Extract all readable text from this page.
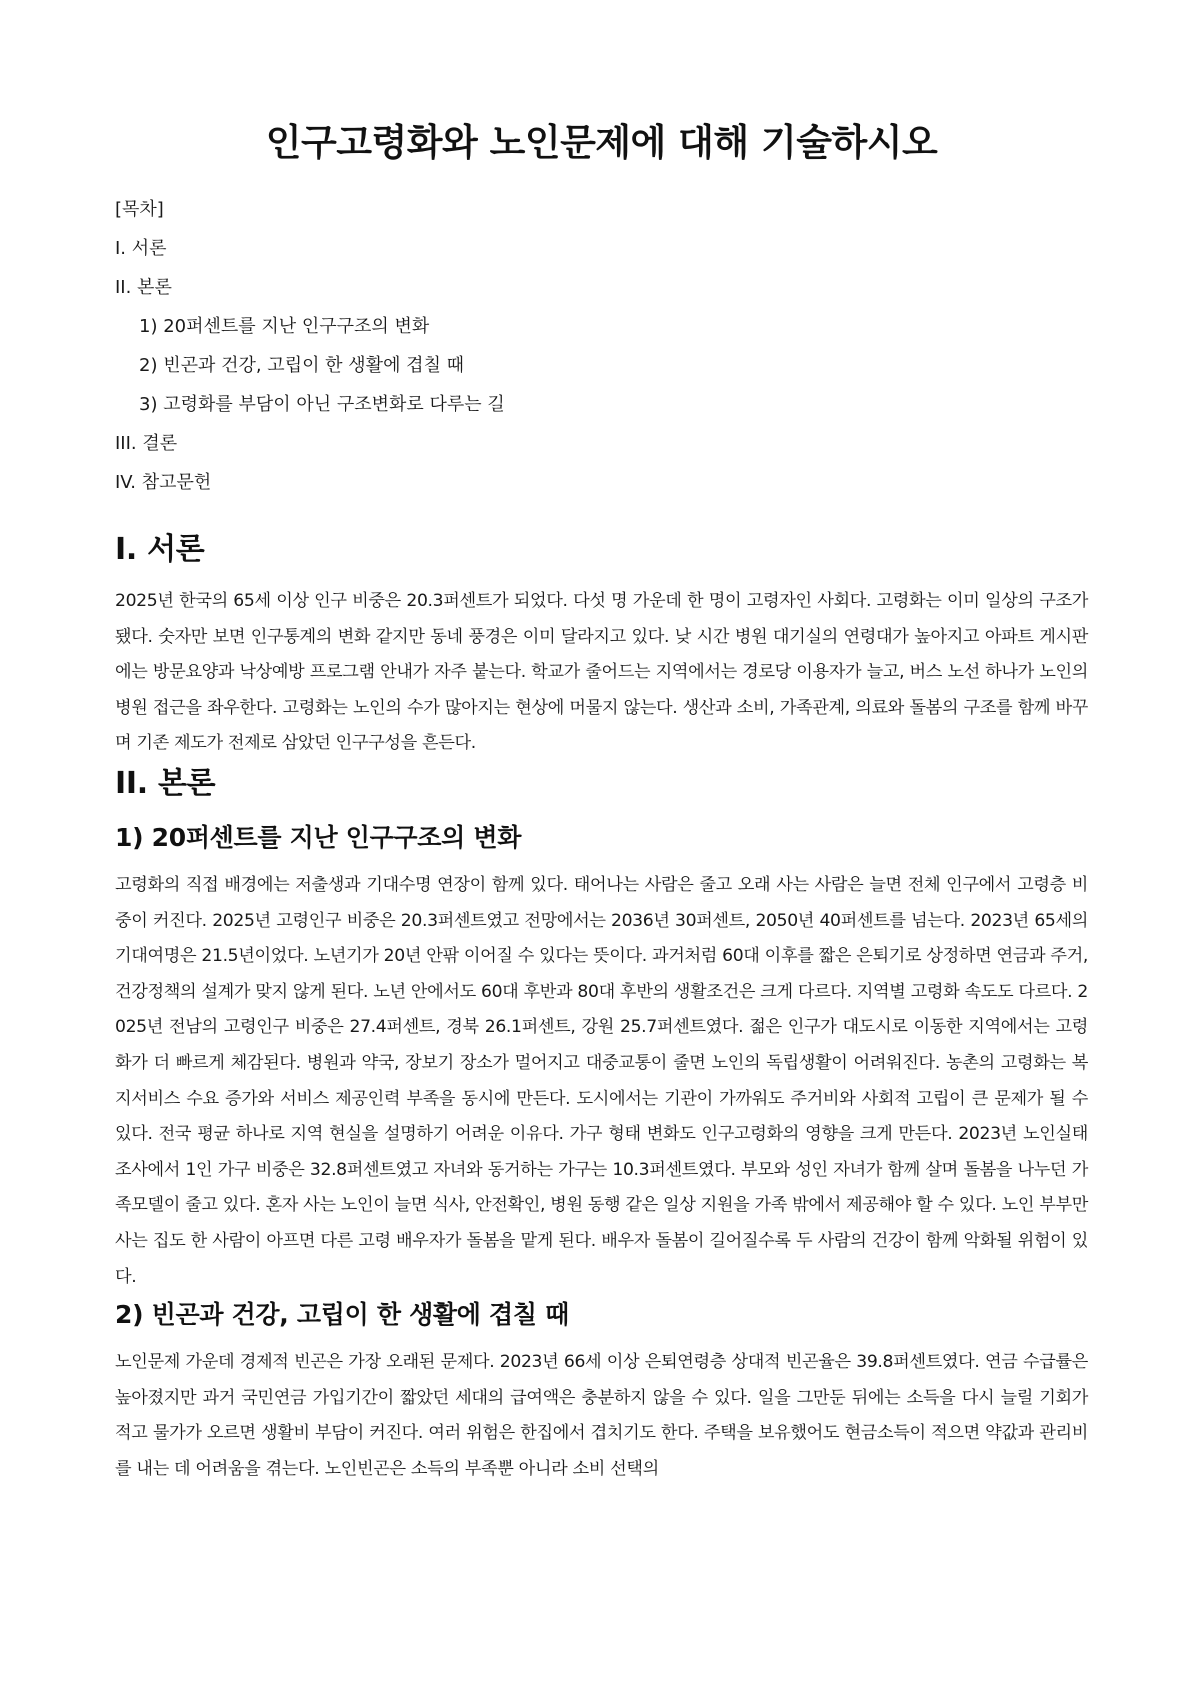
인구고령화와 노인문제에 대해 기술하시오
[목차]
I. 서론
II. 본론
1) 20퍼센트를 지난 인구구조의 변화
2) 빈곤과 건강, 고립이 한 생활에 겹칠 때
3) 고령화를 부담이 아닌 구조변화로 다루는 길
III. 결론
IV. 참고문헌
I. 서론

2025년 한국의 65세 이상 인구 비중은 20.3퍼센트가 되었다. 다섯 명 가운데 한 명이 고령자인 사회다. 고령화는 이미 일상의 구조가 됐다. 숫자만 보면 인구통계의 변화 같지만 동네 풍경은 이미 달라지고 있다. 낮 시간 병원 대기실의 연령대가 높아지고 아파트 게시판에는 방문요양과 낙상예방 프로그램 안내가 자주 붙는다. 학교가 줄어드는 지역에서는 경로당 이용자가 늘고, 버스 노선 하나가 노인의 병원 접근을 좌우한다. 고령화는 노인의 수가 많아지는 현상에 머물지 않는다. 생산과 소비, 가족관계, 의료와 돌봄의 구조를 함께 바꾸며 기존 제도가 전제로 삼았던 인구구성을 흔든다.

II. 본론
1) 20퍼센트를 지난 인구구조의 변화

고령화의 직접 배경에는 저출생과 기대수명 연장이 함께 있다. 태어나는 사람은 줄고 오래 사는 사람은 늘면 전체 인구에서 고령층 비중이 커진다. 2025년 고령인구 비중은 20.3퍼센트였고 전망에서는 2036년 30퍼센트, 2050년 40퍼센트를 넘는다. 2023년 65세의 기대여명은 21.5년이었다. 노년기가 20년 안팎 이어질 수 있다는 뜻이다. 과거처럼 60대 이후를 짧은 은퇴기로 상정하면 연금과 주거, 건강정책의 설계가 맞지 않게 된다. 노년 안에서도 60대 후반과 80대 후반의 생활조건은 크게 다르다. 지역별 고령화 속도도 다르다. 2025년 전남의 고령인구 비중은 27.4퍼센트, 경북 26.1퍼센트, 강원 25.7퍼센트였다. 젊은 인구가 대도시로 이동한 지역에서는 고령화가 더 빠르게 체감된다. 병원과 약국, 장보기 장소가 멀어지고 대중교통이 줄면 노인의 독립생활이 어려워진다. 농촌의 고령화는 복지서비스 수요 증가와 서비스 제공인력 부족을 동시에 만든다. 도시에서는 기관이 가까워도 주거비와 사회적 고립이 큰 문제가 될 수 있다. 전국 평균 하나로 지역 현실을 설명하기 어려운 이유다. 가구 형태 변화도 인구고령화의 영향을 크게 만든다. 2023년 노인실태조사에서 1인 가구 비중은 32.8퍼센트였고 자녀와 동거하는 가구는 10.3퍼센트였다. 부모와 성인 자녀가 함께 살며 돌봄을 나누던 가족모델이 줄고 있다. 혼자 사는 노인이 늘면 식사, 안전확인, 병원 동행 같은 일상 지원을 가족 밖에서 제공해야 할 수 있다. 노인 부부만 사는 집도 한 사람이 아프면 다른 고령 배우자가 돌봄을 맡게 된다. 배우자 돌봄이 길어질수록 두 사람의 건강이 함께 악화될 위험이 있다.

2) 빈곤과 건강, 고립이 한 생활에 겹칠 때

노인문제 가운데 경제적 빈곤은 가장 오래된 문제다. 2023년 66세 이상 은퇴연령층 상대적 빈곤율은 39.8퍼센트였다. 연금 수급률은 높아졌지만 과거 국민연금 가입기간이 짧았던 세대의 급여액은 충분하지 않을 수 있다. 일을 그만둔 뒤에는 소득을 다시 늘릴 기회가 적고 물가가 오르면 생활비 부담이 커진다. 여러 위험은 한집에서 겹치기도 한다. 주택을 보유했어도 현금소득이 적으면 약값과 관리비를 내는 데 어려움을 겪는다. 노인빈곤은 소득의 부족뿐 아니라 소비 선택의
